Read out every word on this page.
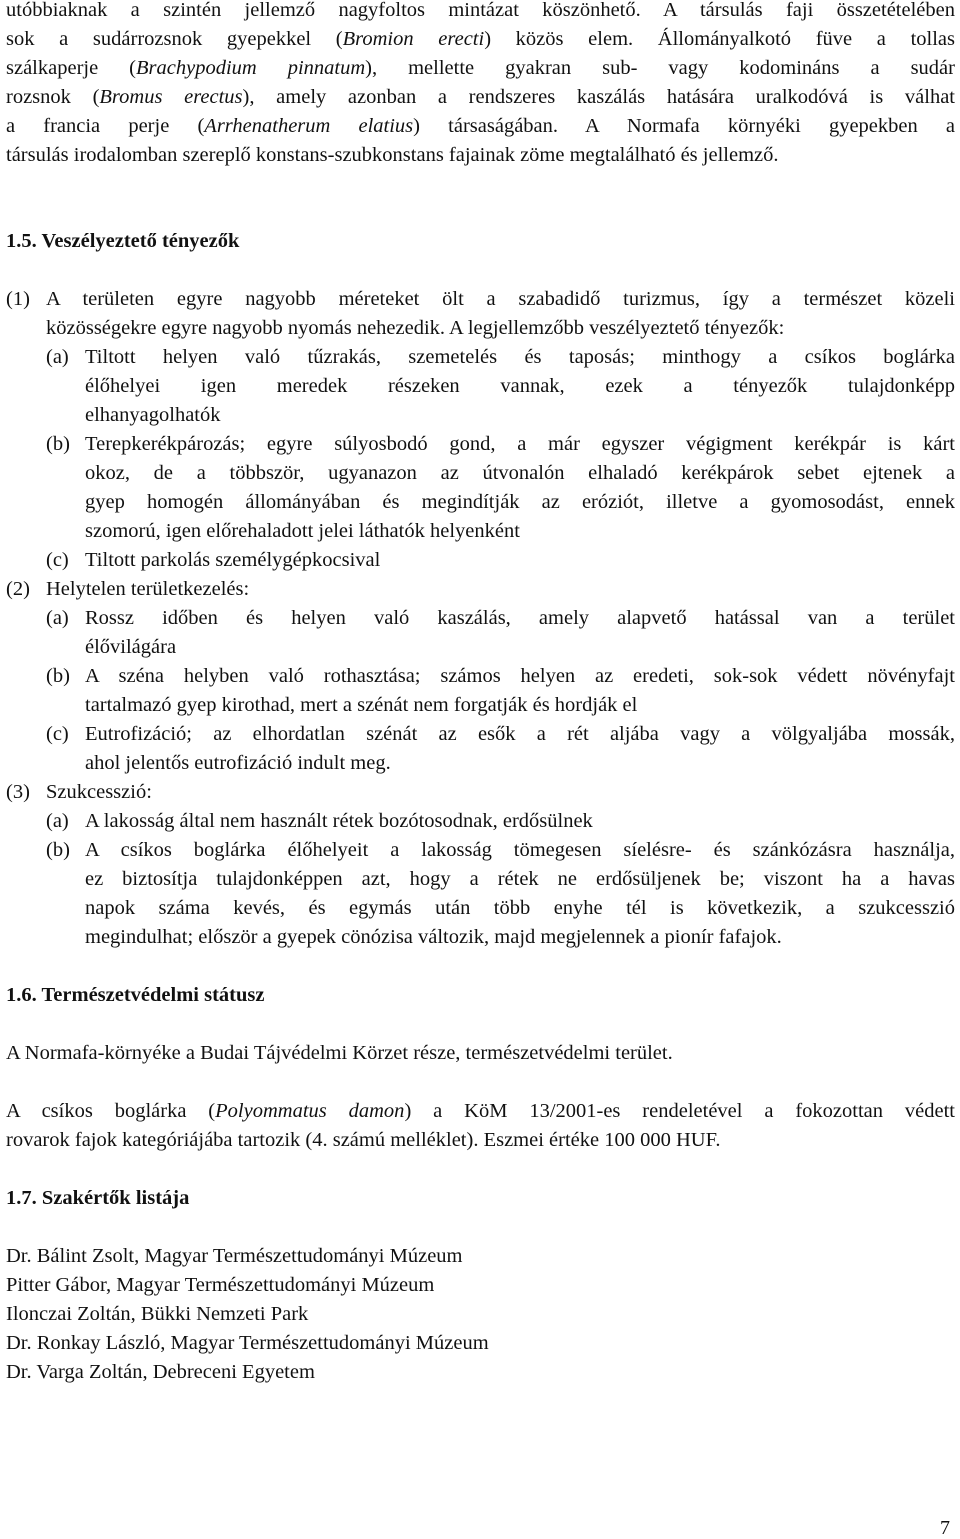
utóbbiaknak a szintén jellemző nagyfoltos mintázat köszönhető. A társulás faji összetételében
sok a sudárrozsnok gyepekkel (Bromion erecti) közös elem. Állományalkotó füve a tollas
szálkaperje (Brachypodium pinnatum), mellette gyakran sub- vagy kodomináns a sudár
rozsnok (Bromus erectus), amely azonban a rendszeres kaszálás hatására uralkodóvá is válhat
a francia perje (Arrhenatherum elatius) társaságában. A Normafa környéki gyepekben a
társulás irodalomban szereplő konstans-szubkonstans fajainak zöme megtalálható és jellemző.
1.5. Veszélyeztető tényezők
(1) A területen egyre nagyobb méreteket ölt a szabadidő turizmus, így a természet közeli
közösségekre egyre nagyobb nyomás nehezedik. A legjellemzőbb veszélyeztető tényezők:
(a) Tiltott helyen való tűzrakás, szemetelés és taposás; minthogy a csíkos boglárka
élőhelyei igen meredek részeken vannak, ezek a tényezők tulajdonképp
elhanyagolhatók
(b) Terepkerékpározás; egyre súlyosbodó gond, a már egyszer végigment kerékpár is kárt
okoz, de a többször, ugyanazon az útvonalón elhaladó kerékpárok sebet ejtenek a
gyep homogén állományában és megindítják az eróziót, illetve a gyomosodást, ennek
szomorú, igen előrehaladott jelei láthatók helyenként
(c) Tiltott parkolás személygépkocsival
(2) Helytelen területkezelés:
(a) Rossz időben és helyen való kaszálás, amely alapvető hatással van a terület
élővilágára
(b) A széna helyben való rothasztása; számos helyen az eredeti, sok-sok védett növényfajt
tartalmazó gyep kirothad, mert a szénát nem forgatják és hordják el
(c) Eutrofizáció; az elhordatlan szénát az esők a rét aljába vagy a völgyaljába mossák,
ahol jelentős eutrofizáció indult meg.
(3) Szukcesszió:
(a) A lakosság által nem használt rétek bozótosodnak, erdősülnek
(b) A csíkos boglárka élőhelyeit a lakosság tömegesen síelésre- és szánkózásra használja,
ez biztosítja tulajdonképpen azt, hogy a rétek ne erdősüljenek be; viszont ha a havas
napok száma kevés, és egymás után több enyhe tél is következik, a szukcesszió
megindulhat; először a gyepek cönózisa változik, majd megjelennek a pionír fafajok.
1.6. Természetvédelmi státusz
A Normafa-környéke a Budai Tájvédelmi Körzet része, természetvédelmi terület.
A csíkos boglárka (Polyommatus damon) a KöM 13/2001-es rendeletével a fokozottan védett
rovarok fajok kategóriájába tartozik (4. számú melléklet). Eszmei értéke 100 000 HUF.
1.7. Szakértők listája
Dr. Bálint Zsolt, Magyar Természettudományi Múzeum
Pitter Gábor, Magyar Természettudományi Múzeum
Ilonczai Zoltán, Bükki Nemzeti Park
Dr. Ronkay László, Magyar Természettudományi Múzeum
Dr. Varga Zoltán, Debreceni Egyetem
7
